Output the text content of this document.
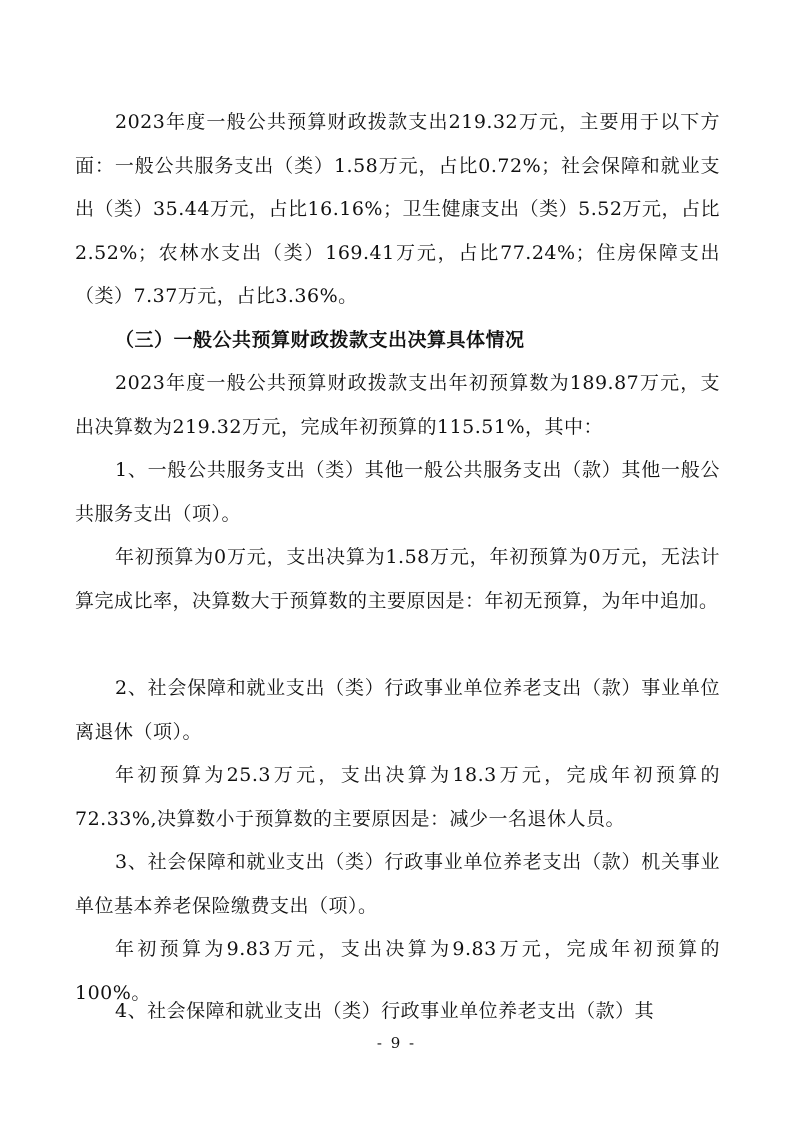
2023年度一般公共预算财政拨款支出219.32万元，主要用于以下方面：一般公共服务支出（类）1.58万元，占比0.72%；社会保障和就业支出（类）35.44万元，占比16.16%；卫生健康支出（类）5.52万元，占比2.52%；农林水支出（类）169.41万元，占比77.24%；住房保障支出（类）7.37万元，占比3.36%。

（三）一般公共预算财政拨款支出决算具体情况

2023年度一般公共预算财政拨款支出年初预算数为189.87万元，支出决算数为219.32万元，完成年初预算的115.51%，其中：

1、一般公共服务支出（类）其他一般公共服务支出（款）其他一般公共服务支出（项）。

年初预算为0万元，支出决算为1.58万元，年初预算为0万元，无法计算完成比率，决算数大于预算数的主要原因是：年初无预算，为年中追加。

2、社会保障和就业支出（类）行政事业单位养老支出（款）事业单位离退休（项）。

年初预算为25.3万元，支出决算为18.3万元，完成年初预算的72.33%,决算数小于预算数的主要原因是：减少一名退休人员。

3、社会保障和就业支出（类）行政事业单位养老支出（款）机关事业单位基本养老保险缴费支出（项）。

年初预算为9.83万元，支出决算为9.83万元，完成年初预算的100%。

4、社会保障和就业支出（类）行政事业单位养老支出（款）其

- 9 -
